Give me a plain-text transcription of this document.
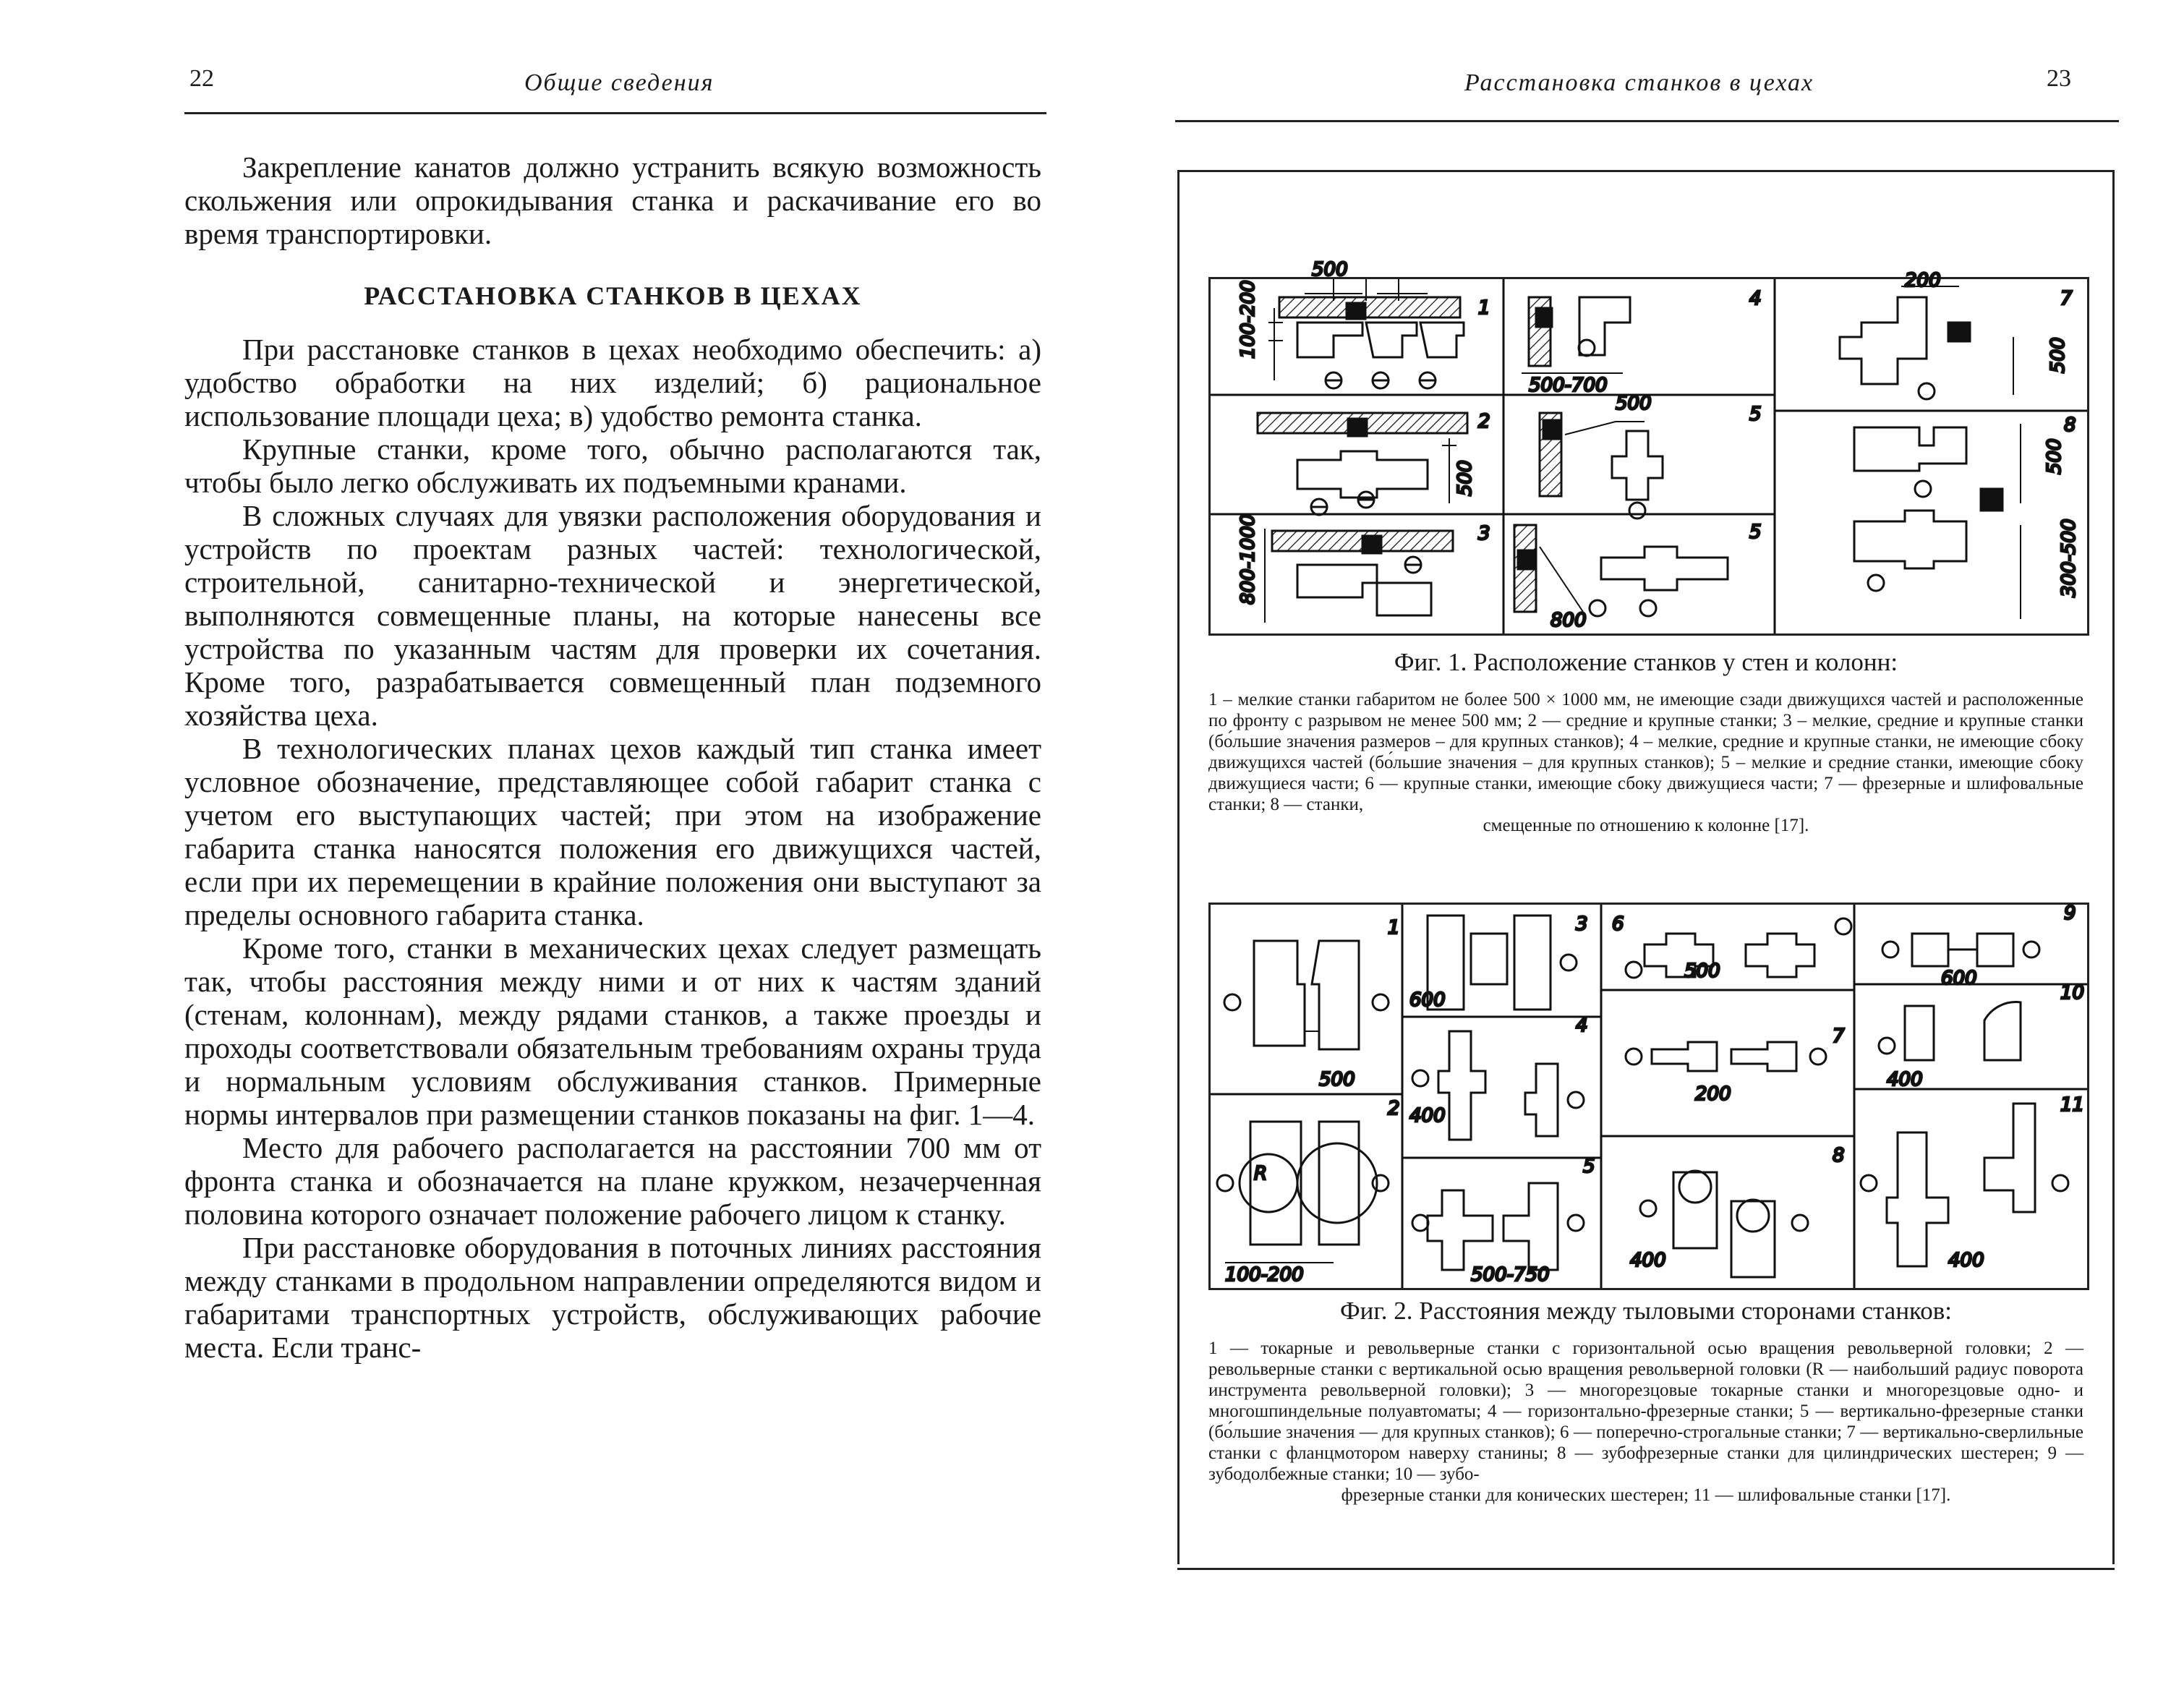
22	Общие сведения

Закрепление канатов должно устранить всякую возможность скольжения или опрокидывания станка и раскачивание его во время транспортировки.

РАССТАНОВКА СТАНКОВ В ЦЕХАХ

При расстановке станков в цехах необходимо обеспечить: а) удобство обработки на них изделий; б) рациональное использование площади цеха; в) удобство ремонта станка.

Крупные станки, кроме того, обычно располагаются так, чтобы было легко обслуживать их подъемными кранами.

В сложных случаях для увязки расположения оборудования и устройств по проектам разных частей: технологической, строительной, санитарно-технической и энергетической, выполняются совмещенные планы, на которые нанесены все устройства по указанным частям для проверки их сочетания. Кроме того, разрабатывается совмещенный план подземного хозяйства цеха.

В технологических планах цехов каждый тип станка имеет условное обозначение, представляющее собой габарит станка с учетом его выступающих частей; при этом на изображение габарита станка наносятся положения его движущихся частей, если при их перемещении в крайние положения они выступают за пределы основного габарита станка.

Кроме того, станки в механических цехах следует размещать так, чтобы расстояния между ними и от них к частям зданий (стенам, колоннам), между рядами станков, а также проезды и проходы соответствовали обязательным требованиям охраны труда и нормальным условиям обслуживания станков. Примерные нормы интервалов при размещении станков показаны на фиг. 1—4.

Место для рабочего располагается на расстоянии 700 мм от фронта станка и обозначается на плане кружком, незачерченная половина которого означает положение рабочего лицом к станку.

При расстановке оборудования в поточных линиях расстояния между станками в продольном направлении определяются видом и габаритами транспортных устройств, обслуживающих рабочие места. Если транс-

Расстановка станков в цехах	23
100-200	1
500
2
800-1000	3
500
500-700
4
500	5
800
5
200
500
7
500
300-500
8
Фиг. 1. Расположение станков у стен и колонн:
1 – мелкие станки габаритом не более 500 × 1000 мм, не имеющие сзади движущихся частей и расположенные по фронту с разрывом не менее 500 мм; 2 — средние и крупные станки; 3 – мелкие, средние и крупные станки (бо́льшие значения размеров – для крупных станков); 4 – мелкие, средние и крупные станки, не имеющие сбоку движущихся частей (бо́льшие значения – для крупных станков); 5 – мелкие и средние станки, имеющие сбоку движущиеся части; 6 — крупные станки, имеющие сбоку движущиеся части; 7 — фрезерные и шлифовальные станки; 8 — станки,
смещенные по отношению к колонне [17].
500
1
R
100-200
2
600
3
400
4
500-750
5
500
6
200
7
400
8
600
9
400
10
400
11
Фиг. 2. Расстояния между тыловыми сторонами станков:
1 — токарные и револьверные станки с горизонтальной осью вращения револьверной головки; 2 — револьверные станки с вертикальной осью вращения револьверной головки (R — наибольший радиус поворота инструмента револьверной головки); 3 — многорезцовые токарные станки и многорезцовые одно- и многошпиндельные полуавтоматы; 4 — горизонтально-фрезерные станки; 5 — вертикально-фрезерные станки (бо́льшие значения — для крупных станков); 6 — поперечно-строгальные станки; 7 — вертикально-сверлильные станки с фланцмотором наверху станины; 8 — зубофрезерные станки для цилиндрических шестерен; 9 — зубодолбежные станки; 10 — зубо-
фрезерные станки для конических шестерен; 11 — шлифовальные станки [17].
